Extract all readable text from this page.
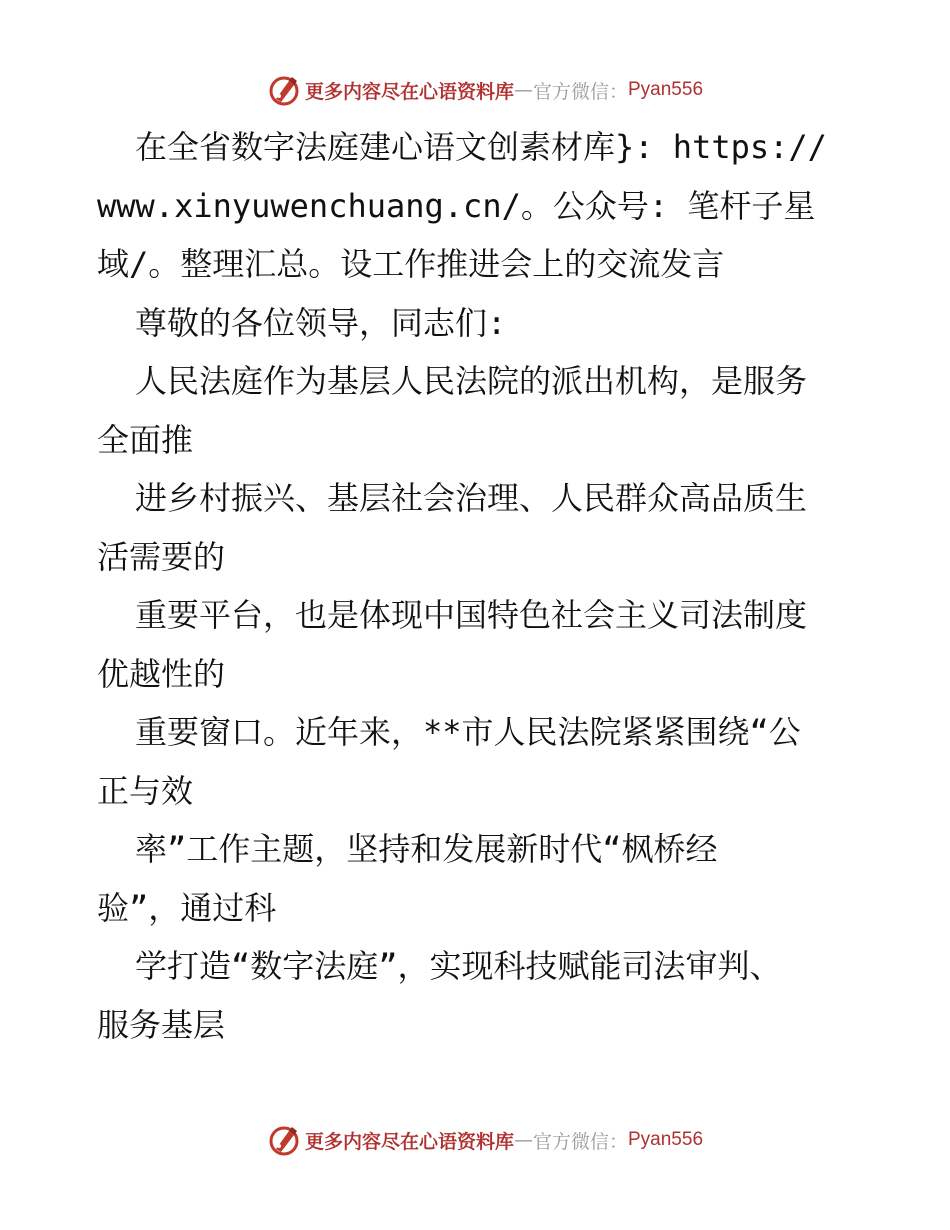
更多内容尽在心语资料库 — 官方微信： Pyan556
在全省数字法庭建心语文创素材库}: https://
www.xinyuwenchuang.cn/。公众号: 笔杆子星
域/。整理汇总。设工作推进会上的交流发言
尊敬的各位领导，同志们:
人民法庭作为基层人民法院的派出机构，是服务
全面推
进乡村振兴、基层社会治理、人民群众高品质生
活需要的
重要平台，也是体现中国特色社会主义司法制度
优越性的
重要窗口。近年来，**市人民法院紧紧围绕“公
正与效
率”工作主题，坚持和发展新时代“枫桥经
验”，通过科
学打造“数字法庭”，实现科技赋能司法审判、
服务基层
更多内容尽在心语资料库 — 官方微信： Pyan556
